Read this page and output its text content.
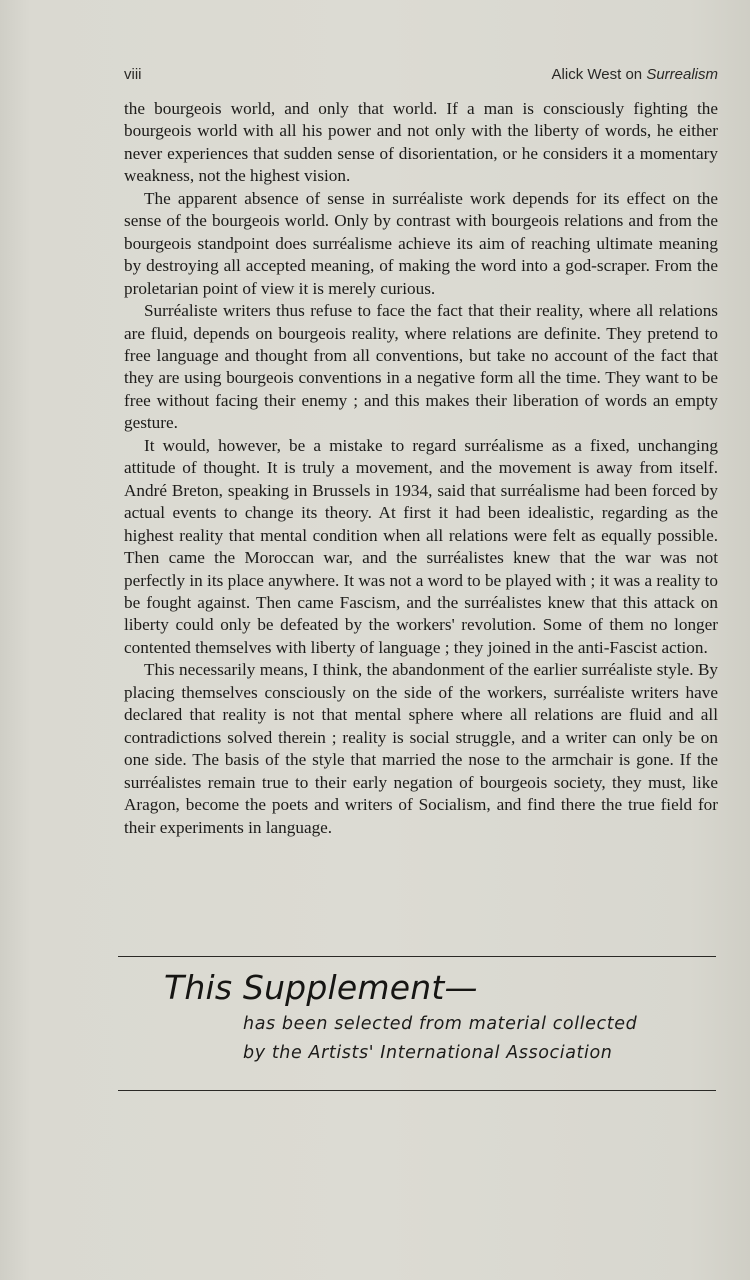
viii	Alick West on Surrealism

the bourgeois world, and only that world. If a man is consciously fighting the bourgeois world with all his power and not only with the liberty of words, he either never experiences that sudden sense of disorientation, or he considers it a momentary weakness, not the highest vision.

The apparent absence of sense in surréaliste work depends for its effect on the sense of the bourgeois world. Only by contrast with bourgeois relations and from the bourgeois standpoint does surréalisme achieve its aim of reaching ultimate meaning by destroying all accepted meaning, of making the word into a god-scraper. From the proletarian point of view it is merely curious.

Surréaliste writers thus refuse to face the fact that their reality, where all relations are fluid, depends on bourgeois reality, where relations are definite. They pretend to free language and thought from all conventions, but take no account of the fact that they are using bourgeois conventions in a negative form all the time. They want to be free without facing their enemy ; and this makes their liberation of words an empty gesture.

It would, however, be a mistake to regard surréalisme as a fixed, unchanging attitude of thought. It is truly a movement, and the movement is away from itself. André Breton, speaking in Brussels in 1934, said that surréalisme had been forced by actual events to change its theory. At first it had been idealistic, regarding as the highest reality that mental condition when all relations were felt as equally possible. Then came the Moroccan war, and the surréalistes knew that the war was not perfectly in its place anywhere. It was not a word to be played with ; it was a reality to be fought against. Then came Fascism, and the surréalistes knew that this attack on liberty could only be defeated by the workers' revolution. Some of them no longer contented themselves with liberty of language ; they joined in the anti-Fascist action.

This necessarily means, I think, the abandonment of the earlier surréaliste style. By placing themselves consciously on the side of the workers, surréaliste writers have declared that reality is not that mental sphere where all relations are fluid and all contradictions solved therein ; reality is social struggle, and a writer can only be on one side. The basis of the style that married the nose to the armchair is gone. If the surréalistes remain true to their early negation of bourgeois society, they must, like Aragon, become the poets and writers of Socialism, and find there the true field for their experiments in language.

This Supplement—
has been selected from material collected
by the Artists' International Association
